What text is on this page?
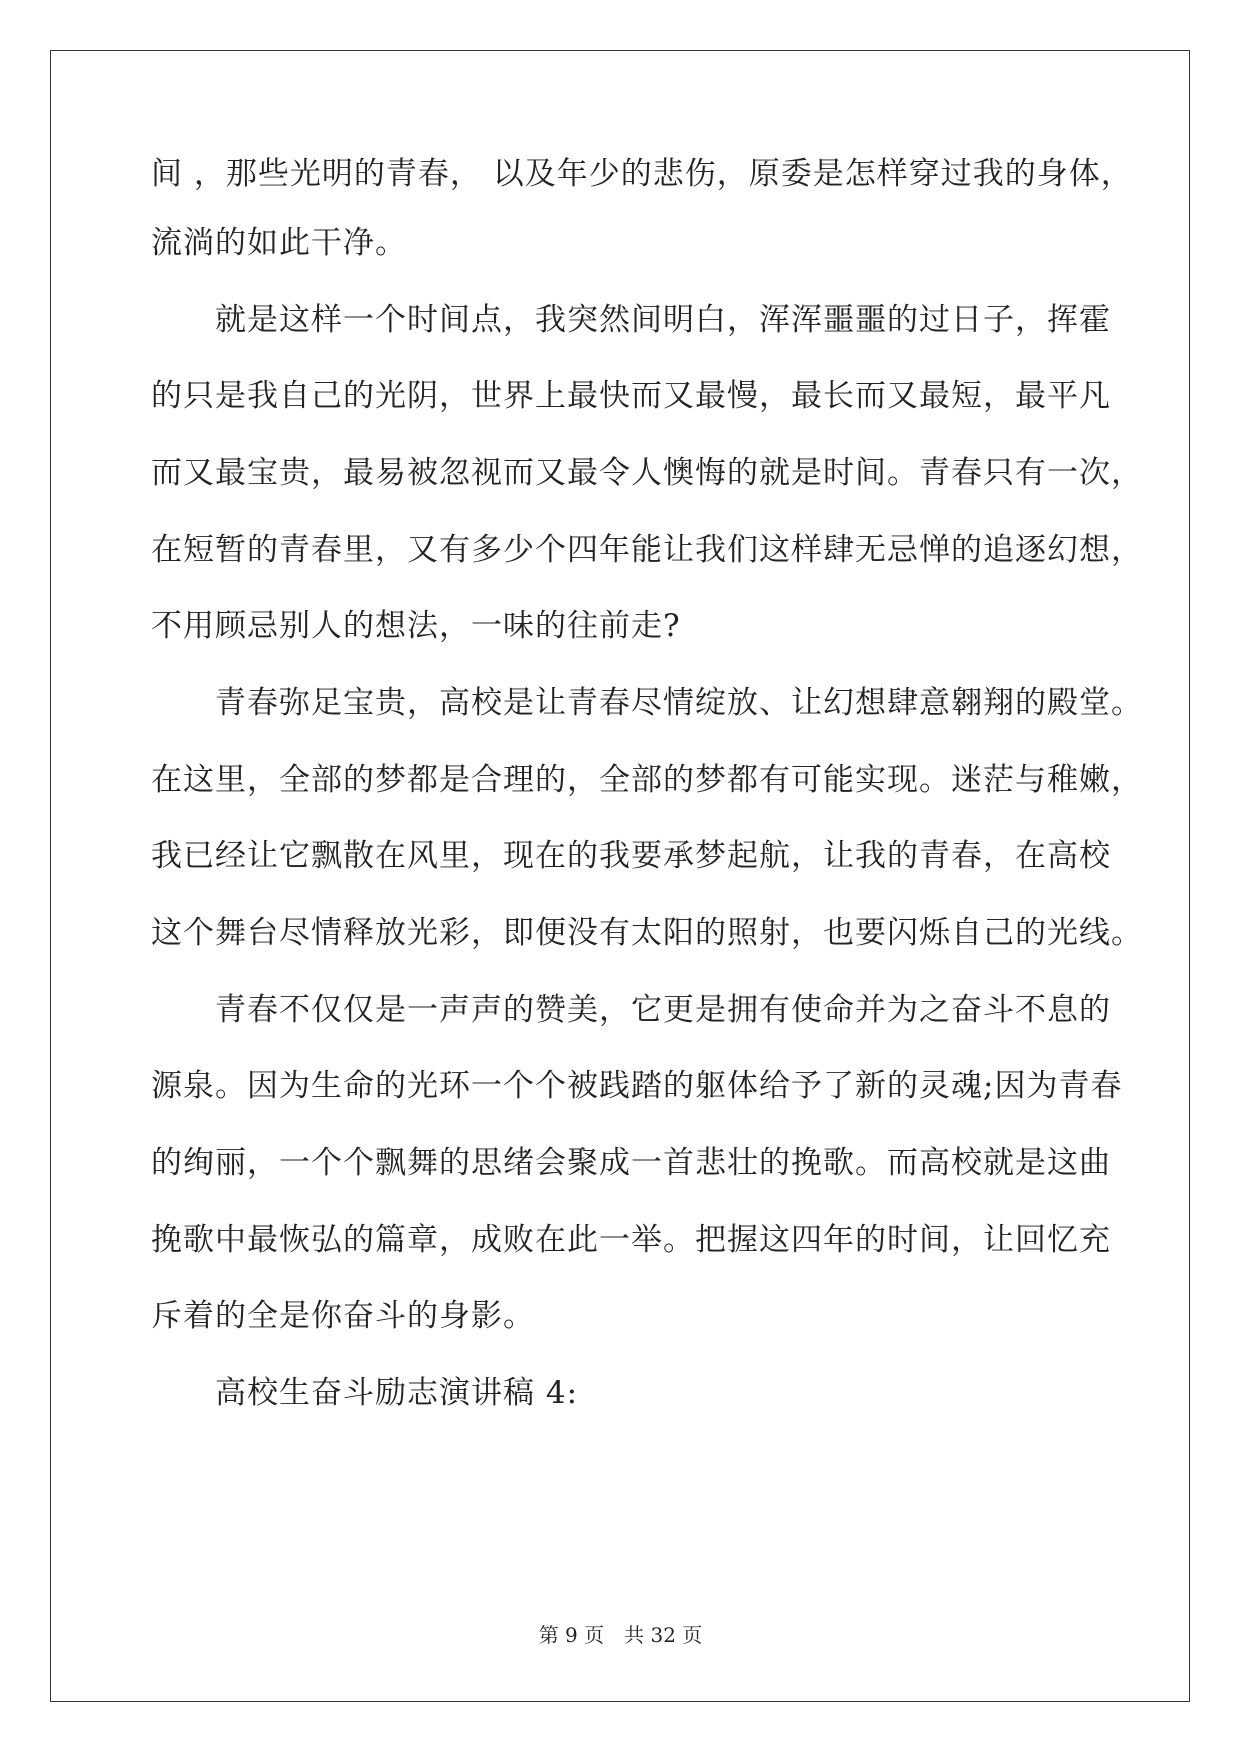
间 ，那些光明的青春， 以及年少的悲伤，原委是怎样穿过我的身体，
流淌的如此干净。
就是这样一个时间点，我突然间明白，浑浑噩噩的过日子，挥霍
的只是我自己的光阴，世界上最快而又最慢，最长而又最短，最平凡
而又最宝贵，最易被忽视而又最令人懊悔的就是时间。青春只有一次，
在短暂的青春里，又有多少个四年能让我们这样肆无忌惮的追逐幻想，
不用顾忌别人的想法，一味的往前走?
青春弥足宝贵，高校是让青春尽情绽放、让幻想肆意翱翔的殿堂。
在这里，全部的梦都是合理的，全部的梦都有可能实现。迷茫与稚嫩，
我已经让它飘散在风里，现在的我要承梦起航，让我的青春，在高校
这个舞台尽情释放光彩，即便没有太阳的照射，也要闪烁自己的光线。
青春不仅仅是一声声的赞美，它更是拥有使命并为之奋斗不息的
源泉。因为生命的光环一个个被践踏的躯体给予了新的灵魂;因为青春
的绚丽，一个个飘舞的思绪会聚成一首悲壮的挽歌。而高校就是这曲
挽歌中最恢弘的篇章，成败在此一举。把握这四年的时间，让回忆充
斥着的全是你奋斗的身影。
高校生奋斗励志演讲稿 4:
第 9 页　共 32 页
